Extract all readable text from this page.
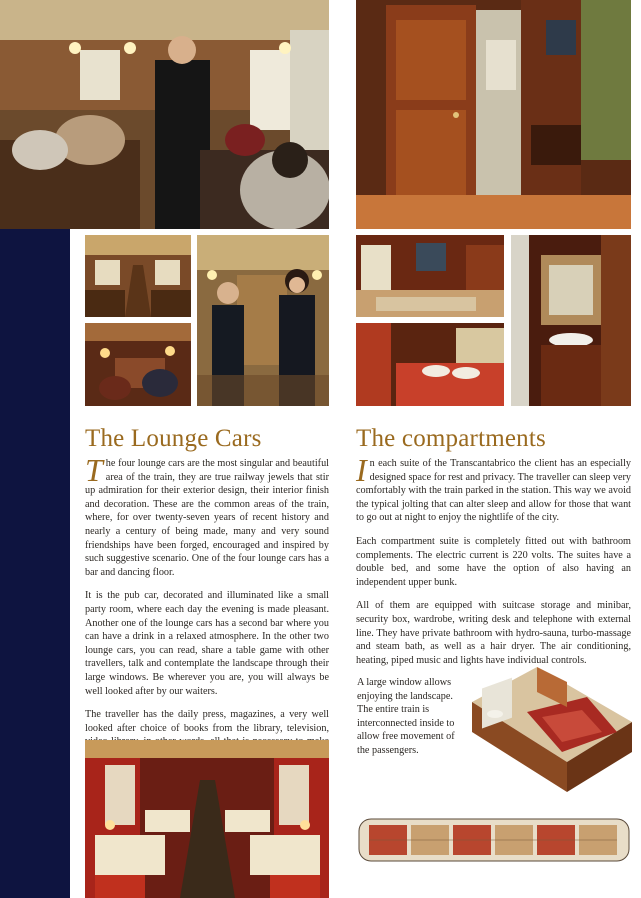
The Lounge Cars

The four lounge cars are the most singular and beautiful area of the train, they are true railway jewels that stir up admiration for their exterior design, their interior finish and decoration. These are the common areas of the train, where, for over twenty-seven years of recent history and nearly a century of being made, many and very sound friendships have been forged, encouraged and inspired by such suggestive scenario. One of the four lounge cars has a bar and dancing floor.

It is the pub car, decorated and illuminated like a small party room, where each day the evening is made pleasant. Another one of the lounge cars has a second bar where you can have a drink in a relaxed atmosphere. In the other two lounge cars, you can read, share a table game with other travellers, talk and contemplate the landscape through their large windows. Be wherever you are, you will always be well looked after by our waiters.

The traveller has the daily press, magazines, a very well looked after choice of books from the library, television,

The compartments

In each suite of the Transcantabrico the client has an especially designed space for rest and privacy. The traveller can sleep very comfortably with the train parked in the station. This way we avoid the typical jolting that can alter sleep and allow for those that want to go out at night to enjoy the nightlife of the city.

Each compartment suite is completely fitted out with bathroom complements. The electric current is 220 volts. The suites have a double bed, and some have the option of also having an independent upper bunk.

All of them are equipped with suitcase storage and minibar, security box, wardrobe, writing desk and telephone with external line. They have private bathroom with hydro-sauna, turbo-massage and steam bath, as well as a hair dryer. The air conditioning, heating, piped music and lights have individual controls.

A large window allows enjoying the landscape. The entire train is interconnected inside to allow free movement of the passengers.
